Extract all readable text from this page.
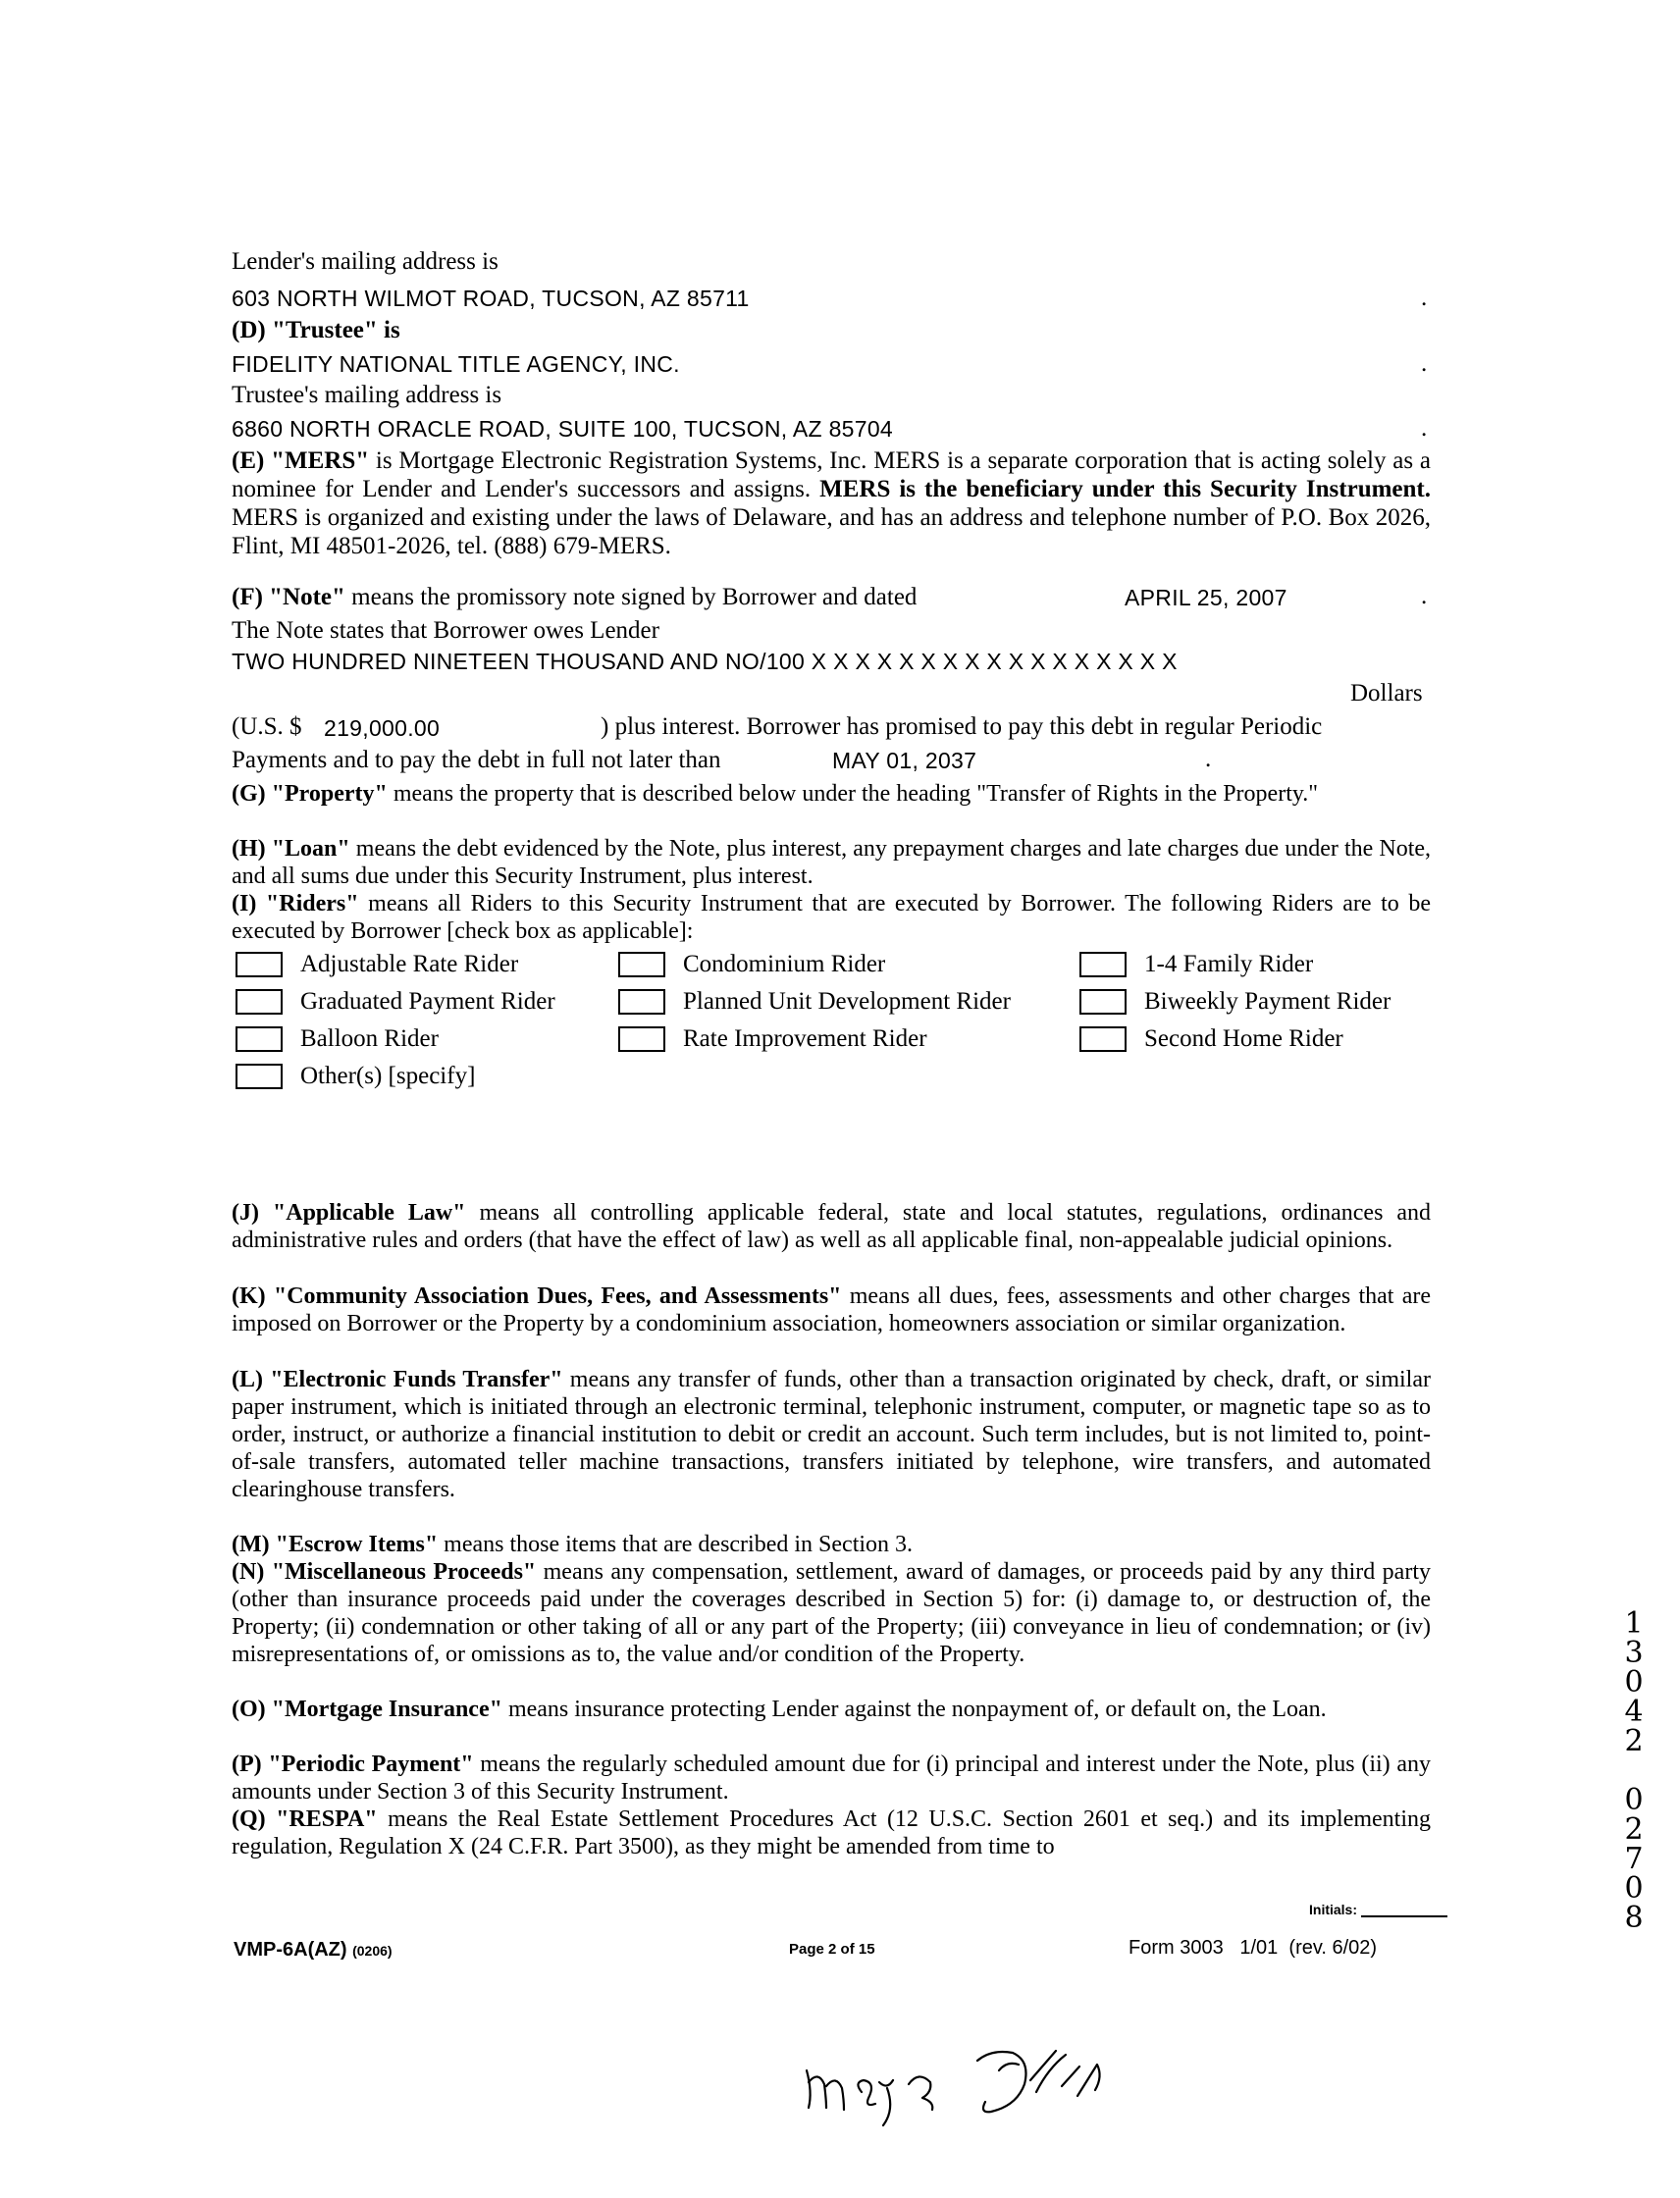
Lender's mailing address is
603 NORTH WILMOT ROAD, TUCSON, AZ 85711	.
(D) "Trustee" is
FIDELITY NATIONAL TITLE AGENCY, INC.	.
Trustee's mailing address is
6860 NORTH ORACLE ROAD, SUITE 100, TUCSON, AZ 85704	.
(E) "MERS" is Mortgage Electronic Registration Systems, Inc. MERS is a separate corporation that is acting solely as a nominee for Lender and Lender's successors and assigns. MERS is the beneficiary under this Security Instrument. MERS is organized and existing under the laws of Delaware, and has an address and telephone number of P.O. Box 2026, Flint, MI 48501-2026, tel. (888) 679-MERS.
(F) "Note" means the promissory note signed by Borrower and dated	APRIL 25, 2007	.
The Note states that Borrower owes Lender
TWO HUNDRED NINETEEN THOUSAND AND NO/100 X X X X X X X X X X X X X X X X X
Dollars
(U.S. $ 219,000.00	) plus interest. Borrower has promised to pay this debt in regular Periodic
Payments and to pay the debt in full not later than	MAY 01, 2037	.
(G) "Property" means the property that is described below under the heading "Transfer of Rights in the Property."
(H) "Loan" means the debt evidenced by the Note, plus interest, any prepayment charges and late charges due under the Note, and all sums due under this Security Instrument, plus interest.
(I) "Riders" means all Riders to this Security Instrument that are executed by Borrower. The following Riders are to be executed by Borrower [check box as applicable]:
Adjustable Rate Rider	Condominium Rider	1-4 Family Rider
Graduated Payment Rider	Planned Unit Development Rider	Biweekly Payment Rider
Balloon Rider	Rate Improvement Rider	Second Home Rider
Other(s) [specify]
(J) "Applicable Law" means all controlling applicable federal, state and local statutes, regulations, ordinances and administrative rules and orders (that have the effect of law) as well as all applicable final, non-appealable judicial opinions.
(K) "Community Association Dues, Fees, and Assessments" means all dues, fees, assessments and other charges that are imposed on Borrower or the Property by a condominium association, homeowners association or similar organization.
(L) "Electronic Funds Transfer" means any transfer of funds, other than a transaction originated by check, draft, or similar paper instrument, which is initiated through an electronic terminal, telephonic instrument, computer, or magnetic tape so as to order, instruct, or authorize a financial institution to debit or credit an account. Such term includes, but is not limited to, point-of-sale transfers, automated teller machine transactions, transfers initiated by telephone, wire transfers, and automated clearinghouse transfers.
(M) "Escrow Items" means those items that are described in Section 3.
(N) "Miscellaneous Proceeds" means any compensation, settlement, award of damages, or proceeds paid by any third party (other than insurance proceeds paid under the coverages described in Section 5) for: (i) damage to, or destruction of, the Property; (ii) condemnation or other taking of all or any part of the Property; (iii) conveyance in lieu of condemnation; or (iv) misrepresentations of, or omissions as to, the value and/or condition of the Property.
(O) "Mortgage Insurance" means insurance protecting Lender against the nonpayment of, or default on, the Loan.
(P) "Periodic Payment" means the regularly scheduled amount due for (i) principal and interest under the Note, plus (ii) any amounts under Section 3 of this Security Instrument.
(Q) "RESPA" means the Real Estate Settlement Procedures Act (12 U.S.C. Section 2601 et seq.) and its implementing regulation, Regulation X (24 C.F.R. Part 3500), as they might be amended from time to
Initials:
VMP-6A(AZ) (0206)	Page 2 of 15	Form 3003   1/01  (rev. 6/02)
1
3
0
4
2

0
2
7
0
8
